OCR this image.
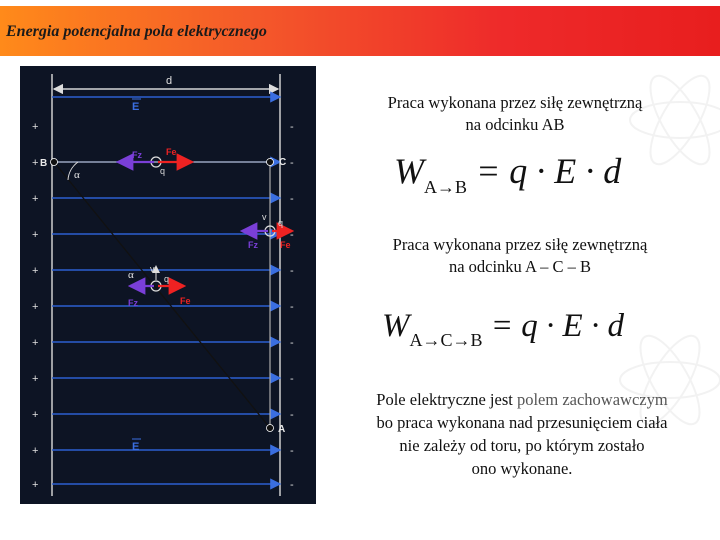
Energia potencjalna pola elektrycznego
d
B	C
A
α
α
E
E
Fz	Fe
q
Fz Fe
q
v
Fz	Fe
q
v
+
+
+
+
+
+
+
+
+
+
+
-
-
-
-
-
-
-
-
-
-
-
Praca wykonana przez siłę zewnętrzną
na odcinku AB
$W_{A\to B} = q \cdot E \cdot d$
Praca wykonana przez siłę zewnętrzną
na odcinku A – C – B
$W_{A\to C\to B} = q \cdot E \cdot d$
Pole elektryczne jest polem zachowawczym
bo praca wykonana nad przesunięciem ciała
nie zależy od toru, po którym zostało
ono wykonane.
